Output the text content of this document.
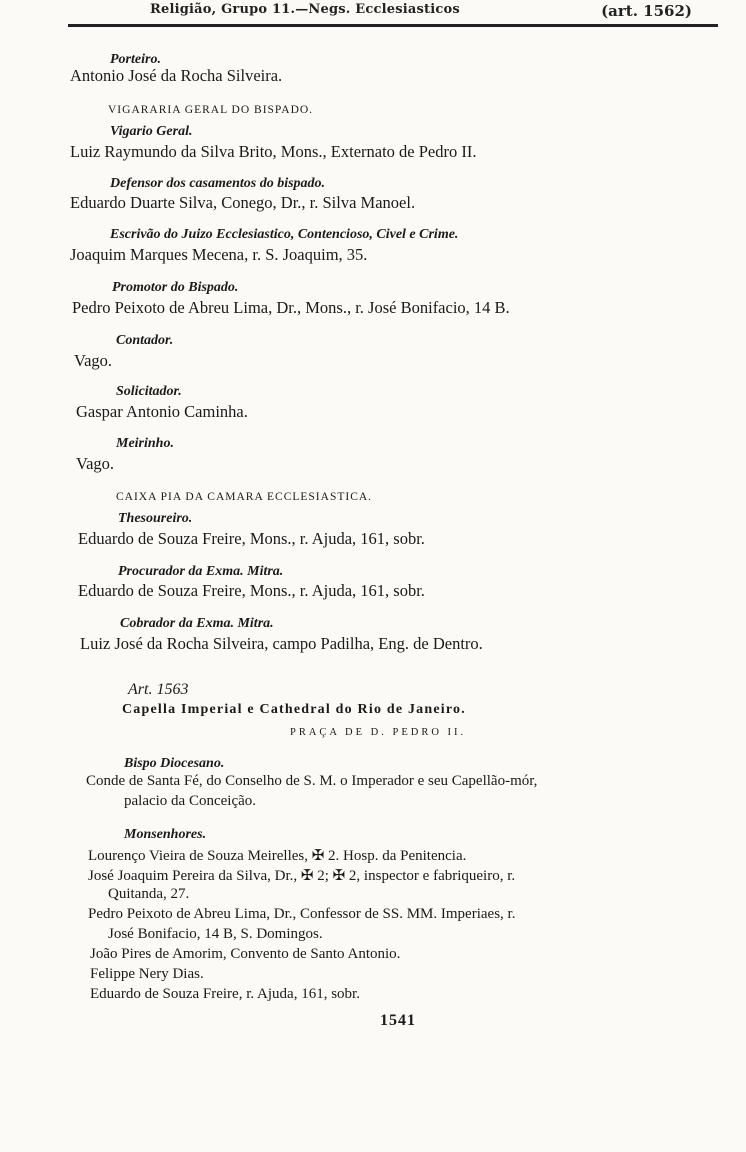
Religião, Grupo 11.—Negs. Ecclesiasticos	(art. 1562)
Porteiro.
Antonio José da Rocha Silveira.
VIGARARIA GERAL DO BISPADO.
Vigario Geral.
Luiz Raymundo da Silva Brito, Mons., Externato de Pedro II.
Defensor dos casamentos do bispado.
Eduardo Duarte Silva, Conego, Dr., r. Silva Manoel.
Escrivão do Juizo Ecclesiastico, Contencioso, Civel e Crime.
Joaquim Marques Mecena, r. S. Joaquim, 35.
Promotor do Bispado.
Pedro Peixoto de Abreu Lima, Dr., Mons., r. José Bonifacio, 14 B.
Contador.
Vago.
Solicitador.
Gaspar Antonio Caminha.
Meirinho.
Vago.
CAIXA PIA DA CAMARA ECCLESIASTICA.
Thesoureiro.
Eduardo de Souza Freire, Mons., r. Ajuda, 161, sobr.
Procurador da Exma. Mitra.
Eduardo de Souza Freire, Mons., r. Ajuda, 161, sobr.
Cobrador da Exma. Mitra.
Luiz José da Rocha Silveira, campo Padilha, Eng. de Dentro.
Art. 1563
Capella Imperial e Cathedral do Rio de Janeiro.
PRAÇA DE D. PEDRO II.
Bispo Diocesano.
Conde de Santa Fé, do Conselho de S. M. o Imperador e seu Capellão-mór,
palacio da Conceição.
Monsenhores.
Lourenço Vieira de Souza Meirelles, ✠ 2. Hosp. da Penitencia.
José Joaquim Pereira da Silva, Dr., ✠ 2; ✠ 2, inspector e fabriqueiro, r.
Quitanda, 27.
Pedro Peixoto de Abreu Lima, Dr., Confessor de SS. MM. Imperiaes, r.
José Bonifacio, 14 B, S. Domingos.
João Pires de Amorim, Convento de Santo Antonio.
Felippe Nery Dias.
Eduardo de Souza Freire, r. Ajuda, 161, sobr.
1541
